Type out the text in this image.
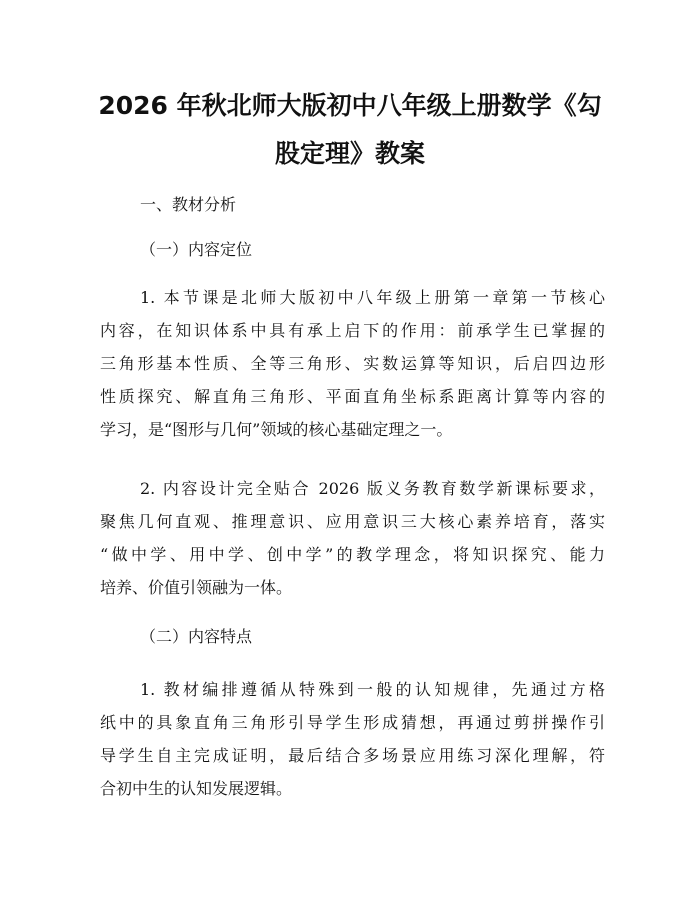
2026 年秋北师大版初中八年级上册数学《勾
股定理》教案

一、教材分析

（一）内容定位

1. 本节课是北师大版初中八年级上册第一章第一节核心
内容，在知识体系中具有承上启下的作用：前承学生已掌握的
三角形基本性质、全等三角形、实数运算等知识，后启四边形
性质探究、解直角三角形、平面直角坐标系距离计算等内容的
学习，是“图形与几何”领域的核心基础定理之一。
2. 内容设计完全贴合 2026 版义务教育数学新课标要求，
聚焦几何直观、推理意识、应用意识三大核心素养培育，落实
“做中学、用中学、创中学”的教学理念，将知识探究、能力
培养、价值引领融为一体。

（二）内容特点

1. 教材编排遵循从特殊到一般的认知规律，先通过方格
纸中的具象直角三角形引导学生形成猜想，再通过剪拼操作引
导学生自主完成证明，最后结合多场景应用练习深化理解，符
合初中生的认知发展逻辑。
